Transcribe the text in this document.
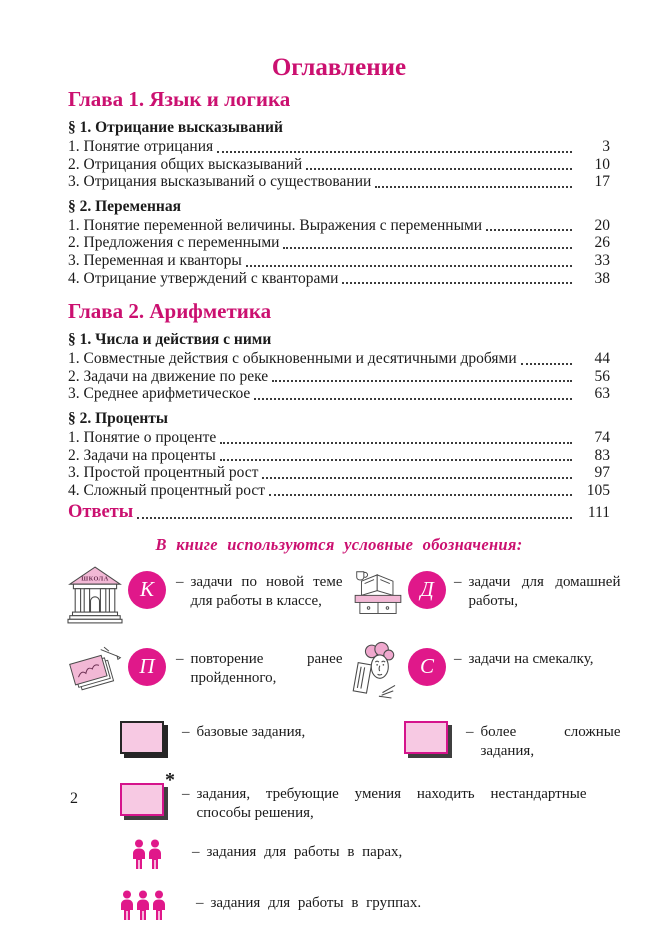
Оглавление
Глава 1. Язык и логика
§ 1. Отрицание высказываний
1. Понятие отрицания	3
2. Отрицания общих высказываний	10
3. Отрицания высказываний о существовании	17
§ 2. Переменная
1. Понятие переменной величины. Выражения с переменными	20
2. Предложения с переменными	26
3. Переменная и кванторы	33
4. Отрицание утверждений с кванторами	38
Глава 2. Арифметика
§ 1. Числа и действия с ними
1. Совместные действия с обыкновенными и десятичными дробями	44
2. Задачи на движение по реке	56
3. Среднее арифметическое	63
§ 2. Проценты
1. Понятие о проценте	74
2. Задачи на проценты	83
3. Простой процентный рост	97
4. Сложный процентный рост	105
Ответы	111
В книге используются условные обозначения:
ШКОЛА К – задачи по новой теме для работы в классе,	Д – задачи для домашней работы,
П – повторение ранее пройденного,	С – задачи на смекалку,
– базовые задания,	– более сложные задания,
*
– задания, требующие умения находить нестандартные способы решения,
– задания для работы в парах,
– задания для работы в группах.
2
